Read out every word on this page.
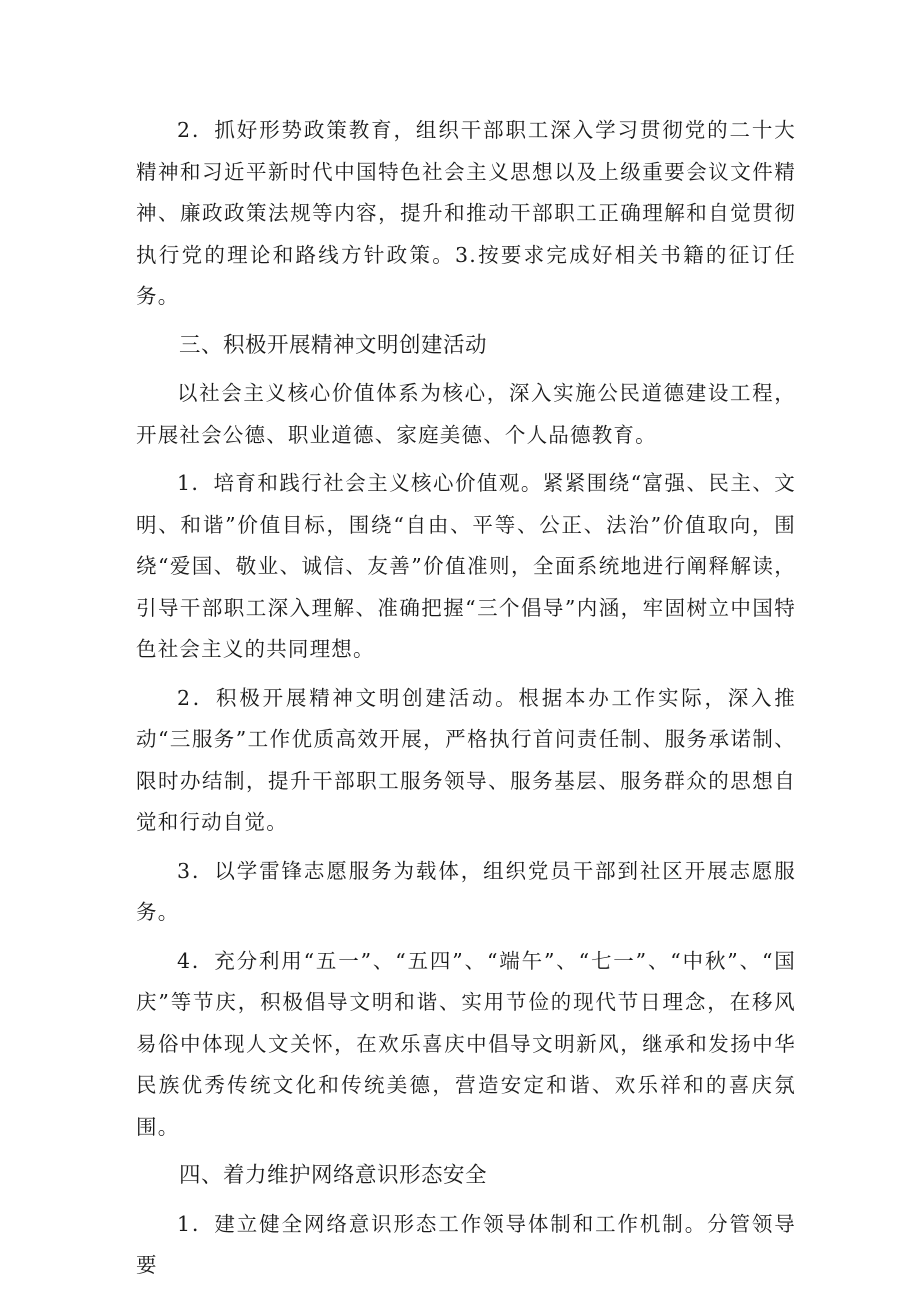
2．抓好形势政策教育，组织干部职工深入学习贯彻党的二十大精神和习近平新时代中国特色社会主义思想以及上级重要会议文件精神、廉政政策法规等内容，提升和推动干部职工正确理解和自觉贯彻执行党的理论和路线方针政策。3.按要求完成好相关书籍的征订任务。

三、积极开展精神文明创建活动

以社会主义核心价值体系为核心，深入实施公民道德建设工程，开展社会公德、职业道德、家庭美德、个人品德教育。

1．培育和践行社会主义核心价值观。紧紧围绕“富强、民主、文明、和谐”价值目标，围绕“自由、平等、公正、法治”价值取向，围绕“爱国、敬业、诚信、友善”价值准则，全面系统地进行阐释解读，引导干部职工深入理解、准确把握“三个倡导”内涵，牢固树立中国特色社会主义的共同理想。

2．积极开展精神文明创建活动。根据本办工作实际，深入推动“三服务”工作优质高效开展，严格执行首问责任制、服务承诺制、限时办结制，提升干部职工服务领导、服务基层、服务群众的思想自觉和行动自觉。

3．以学雷锋志愿服务为载体，组织党员干部到社区开展志愿服务。

4．充分利用“五一”、“五四”、“端午”、“七一”、“中秋”、“国庆”等节庆，积极倡导文明和谐、实用节俭的现代节日理念，在移风易俗中体现人文关怀，在欢乐喜庆中倡导文明新风，继承和发扬中华民族优秀传统文化和传统美德，营造安定和谐、欢乐祥和的喜庆氛围。

四、着力维护网络意识形态安全

1．建立健全网络意识形态工作领导体制和工作机制。分管领导要
